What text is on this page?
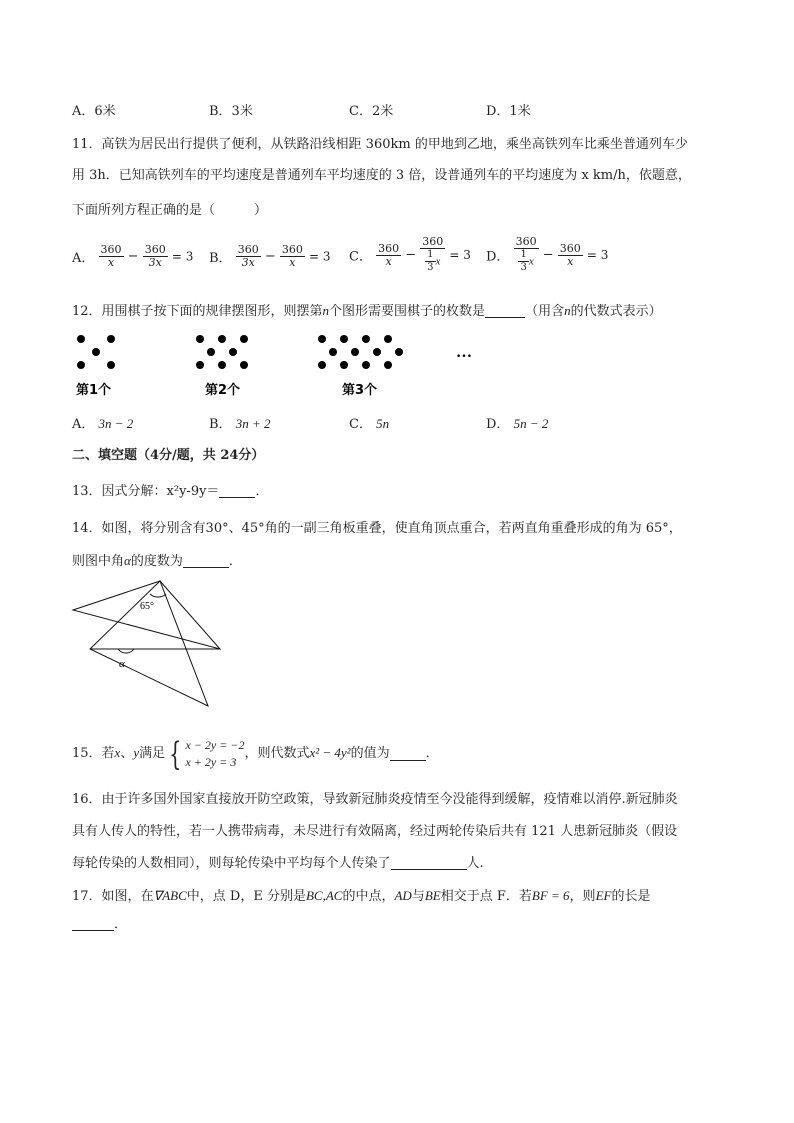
A．6米	B．3米	C．2米	D．1米
11．高铁为居民出行提供了便利，从铁路沿线相距 360km 的甲地到乙地，乘坐高铁列车比乘坐普通列车少
用 3h．已知高铁列车的平均速度是普通列车平均速度的 3 倍，设普通列车的平均速度为 x km/h，依题意，
下面所列方程正确的是（　　　）
A． $\frac{360}{x} - \frac{360}{3x} = 3$ B． $\frac{360}{3x} - \frac{360}{x} = 3$ C． $\frac{360}{x} - \frac{360}{\frac{1}{3} x} = 3$ D． $\frac{360}{\frac{1}{3} x} - \frac{360}{x} = 3$
12．用围棋子按下面的规律摆图形，则摆第n个图形需要围棋子的枚数是	（用含n的代数式表示）
第1个	第2个	第3个
…
A． 3n − 2	B． 3n + 2	C． 5n	D． 5n − 2
二、填空题（4分/题，共 24分）
13．因式分解：x²y-9y＝	．
14．如图，将分别含有30°、45°角的一副三角板重叠，使直角顶点重合，若两直角重叠形成的角为 65°，
则图中角α的度数为	．
65°
α
15．若x、y满足 { x − 2y = −2
x + 2y = 3
，则代数式x² − 4y²的值为	．
16．由于许多国外国家直接放开防空政策，导致新冠肺炎疫情至今没能得到缓解，疫情难以消停.新冠肺炎
具有人传人的特性，若一人携带病毒，未尽进行有效隔离，经过两轮传染后共有 121 人患新冠肺炎（假设
每轮传染的人数相同），则每轮传染中平均每个人传染了	人.
17．如图，在∇ABC中，点 D，E 分别是BC,AC的中点，AD与BE相交于点 F．若BF = 6，则EF的长是
．
